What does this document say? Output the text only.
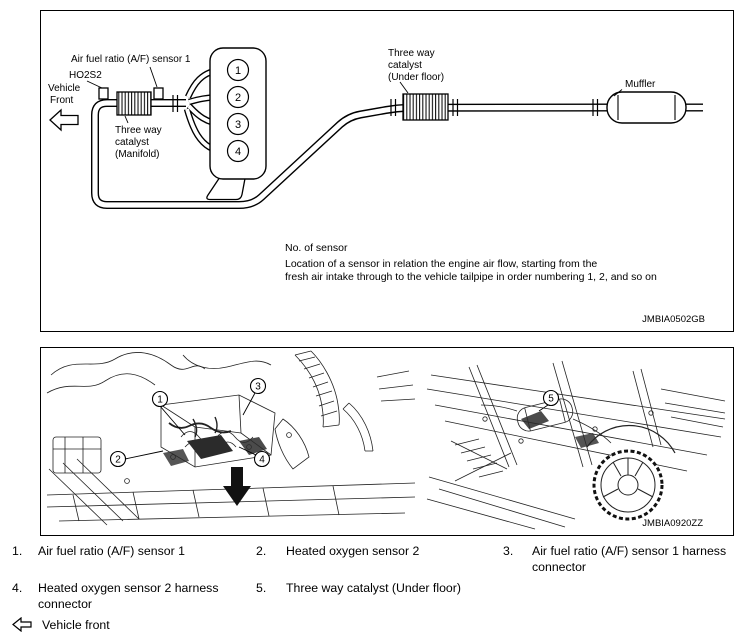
1
2
3
4
Air fuel ratio (A/F) sensor 1
HO2S2
Vehicle
Front
Three way
catalyst
(Manifold)
Three way
catalyst
(Under floor)
Muffler
No. of sensor
Location of a sensor in relation the engine air flow, starting from the
fresh air intake through to the vehicle tailpipe in order numbering 1, 2, and so on
JMBIA0502GB
1
2
3
4
5
JMBIA0920ZZ
1.	Air fuel ratio (A/F) sensor 1	2.	Heated oxygen sensor 2	3.	Air fuel ratio (A/F) sensor 1 harness connector
4.	Heated oxygen sensor 2 harness connector
5.	Three way catalyst (Under floor)
Vehicle front
